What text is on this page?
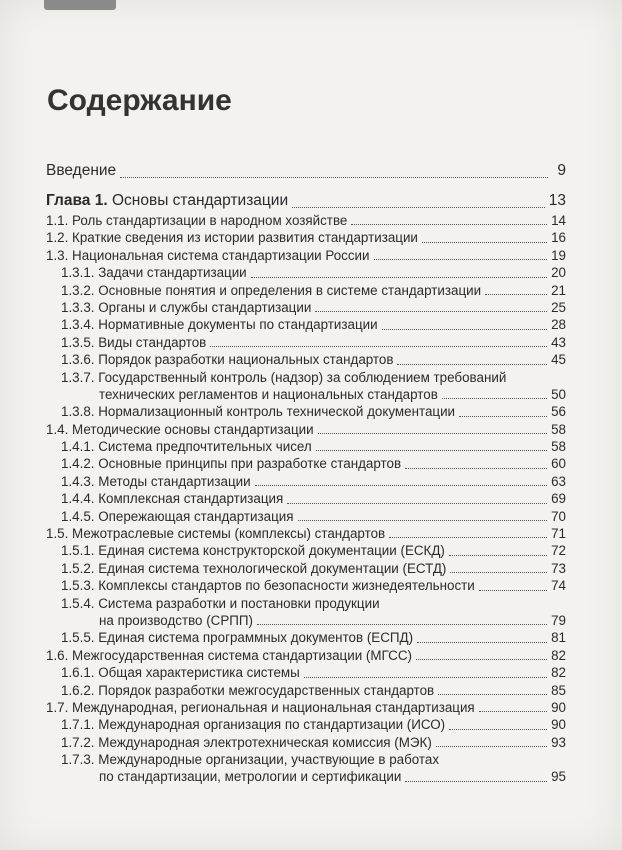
Содержание
Введение	9
Глава 1. Основы стандартизации	13
1.1. Роль стандартизации в народном хозяйстве	14
1.2. Краткие сведения из истории развития стандартизации	16
1.3. Национальная система стандартизации России	19
1.3.1. Задачи стандартизации	20
1.3.2. Основные понятия и определения в системе стандартизации	21
1.3.3. Органы и службы стандартизации	25
1.3.4. Нормативные документы по стандартизации	28
1.3.5. Виды стандартов	43
1.3.6. Порядок разработки национальных стандартов	45
1.3.7. Государственный контроль (надзор) за соблюдением требований
технических регламентов и национальных стандартов	50
1.3.8. Нормализационный контроль технической документации	56
1.4. Методические основы стандартизации	58
1.4.1. Система предпочтительных чисел	58
1.4.2. Основные принципы при разработке стандартов	60
1.4.3. Методы стандартизации	63
1.4.4. Комплексная стандартизация	69
1.4.5. Опережающая стандартизация	70
1.5. Межотраслевые системы (комплексы) стандартов	71
1.5.1. Единая система конструкторской документации (ЕСКД)	72
1.5.2. Единая система технологической документации (ЕСТД)	73
1.5.3. Комплексы стандартов по безопасности жизнедеятельности	74
1.5.4. Система разработки и постановки продукции
на производство (СРПП)	79
1.5.5. Единая система программных документов (ЕСПД)	81
1.6. Межгосударственная система стандартизации (МГСС)	82
1.6.1. Общая характеристика системы	82
1.6.2. Порядок разработки межгосударственных стандартов	85
1.7. Международная, региональная и национальная стандартизация	90
1.7.1. Международная организация по стандартизации (ИСО)	90
1.7.2. Международная электротехническая комиссия (МЭК)	93
1.7.3. Международные организации, участвующие в работах
по стандартизации, метрологии и сертификации	95
